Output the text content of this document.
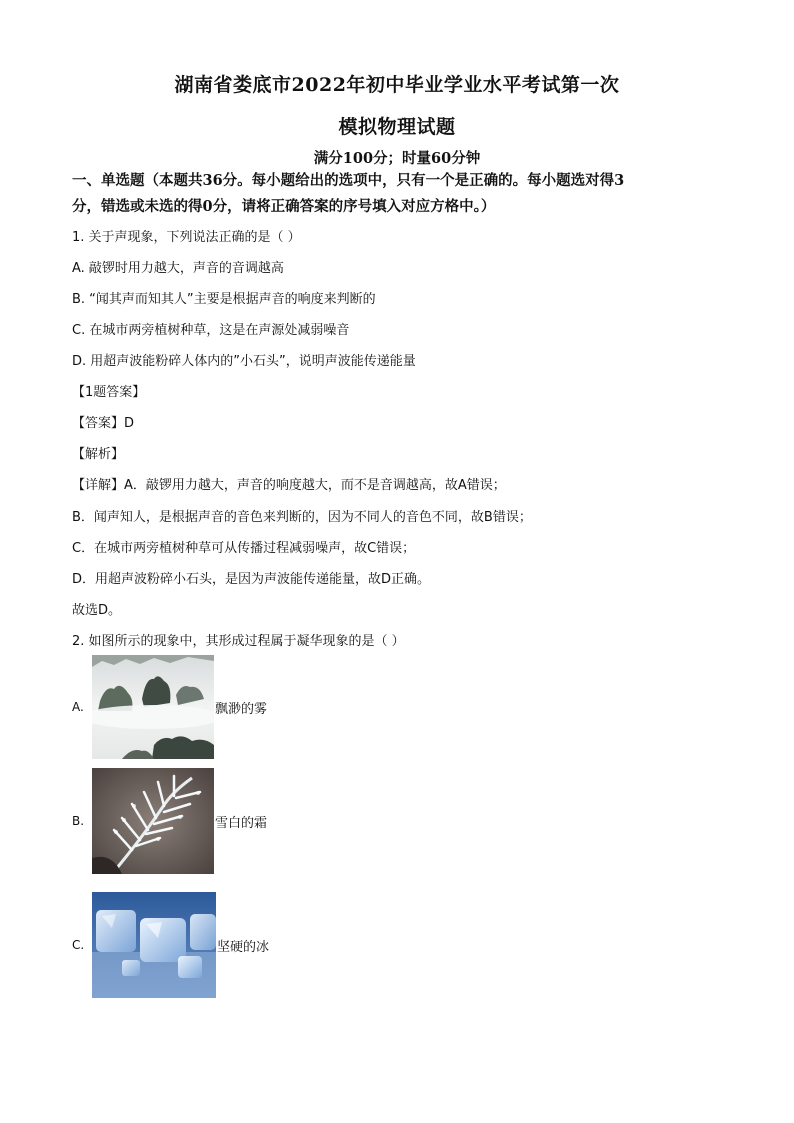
湖南省娄底市2022年初中毕业学业水平考试第一次
模拟物理试题
满分100分；时量60分钟
一、单选题（本题共36分。每小题给出的选项中，只有一个是正确的。每小题选对得3
分，错选或未选的得0分，请将正确答案的序号填入对应方格中。）
1. 关于声现象，下列说法正确的是（ ）
A. 敲锣时用力越大，声音的音调越高
B. “闻其声而知其人”主要是根据声音的响度来判断的
C. 在城市两旁植树种草，这是在声源处减弱噪音
D. 用超声波能粉碎人体内的”小石头”，说明声波能传递能量
【1题答案】
【答案】D
【解析】
【详解】A．敲锣用力越大，声音的响度越大，而不是音调越高，故A错误；
B．闻声知人，是根据声音的音色来判断的，因为不同人的音色不同，故B错误；
C．在城市两旁植树种草可从传播过程减弱噪声，故C错误；
D．用超声波粉碎小石头，是因为声波能传递能量，故D正确。
故选D。
2. 如图所示的现象中，其形成过程属于凝华现象的是（ ）
A.	飘渺的雾
B.	雪白的霜
C.	坚硬的冰
